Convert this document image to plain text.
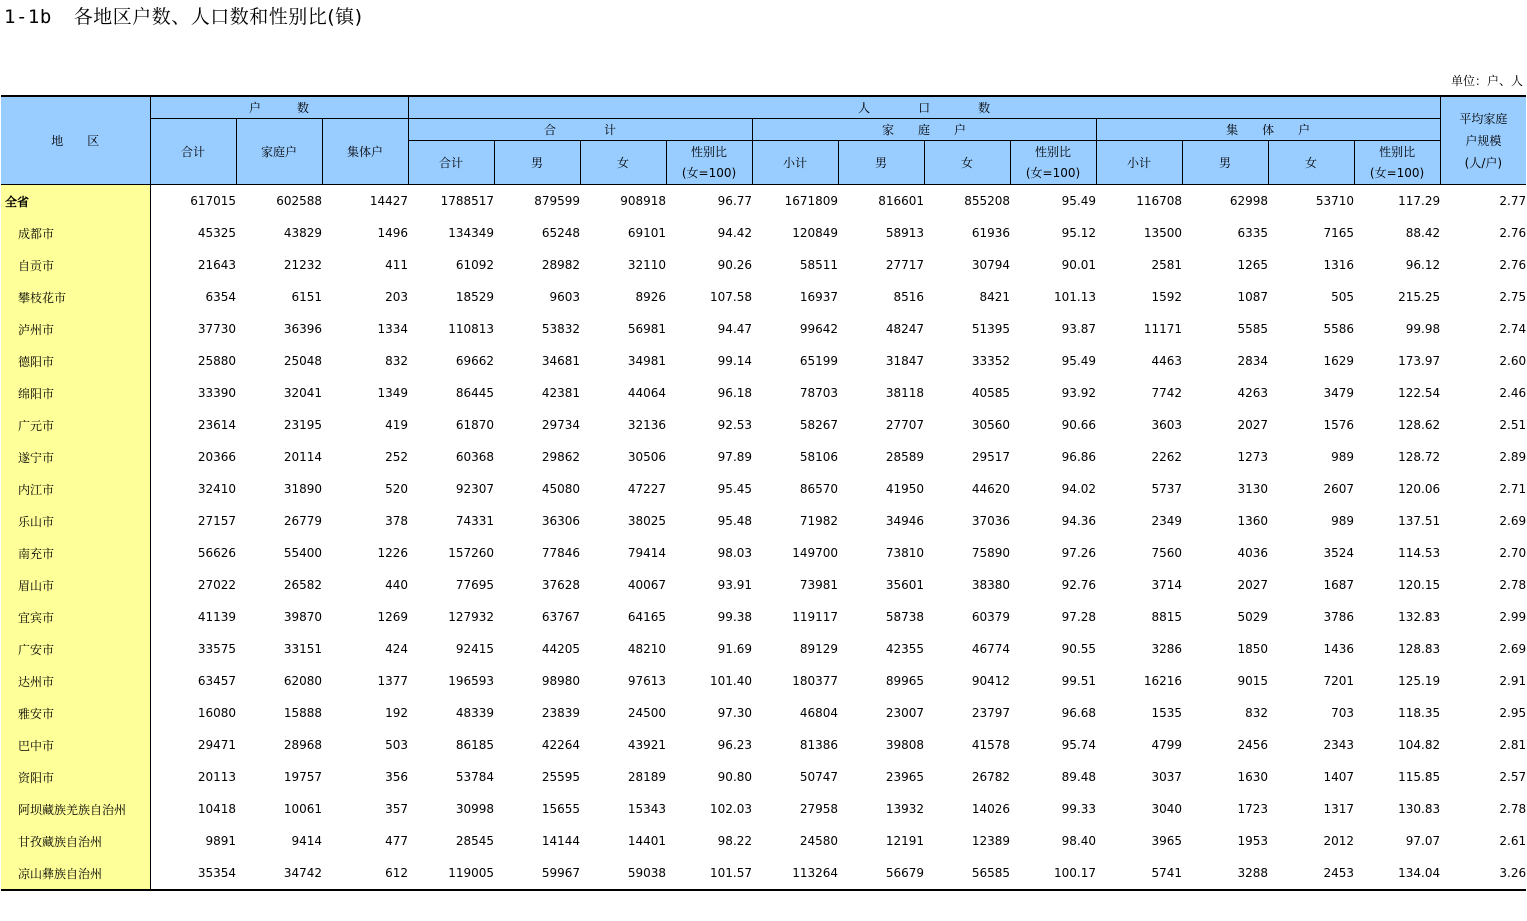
1-1b 各地区户数、人口数和性别比(镇)
单位：户、人
地　　区	户　　　数			人　　　　口　　　　数												平均家庭
户规模
(人/户)

	合计	家庭户	集体户	合　　　　计				家　　庭　　户				集　　体　　户				
				合计	男	女	性别比
(女=100)	小计	男	女	性别比
(女=100)	小计	男	女	性别比
(女=100)	

全省	617015	602588	14427	1788517	879599	908918	96.77	1671809	816601	855208	95.49	116708	62998	53710	117.29	2.77
成都市	45325	43829	1496	134349	65248	69101	94.42	120849	58913	61936	95.12	13500	6335	7165	88.42	2.76
自贡市	21643	21232	411	61092	28982	32110	90.26	58511	27717	30794	90.01	2581	1265	1316	96.12	2.76
攀枝花市	6354	6151	203	18529	9603	8926	107.58	16937	8516	8421	101.13	1592	1087	505	215.25	2.75
泸州市	37730	36396	1334	110813	53832	56981	94.47	99642	48247	51395	93.87	11171	5585	5586	99.98	2.74
德阳市	25880	25048	832	69662	34681	34981	99.14	65199	31847	33352	95.49	4463	2834	1629	173.97	2.60
绵阳市	33390	32041	1349	86445	42381	44064	96.18	78703	38118	40585	93.92	7742	4263	3479	122.54	2.46
广元市	23614	23195	419	61870	29734	32136	92.53	58267	27707	30560	90.66	3603	2027	1576	128.62	2.51
遂宁市	20366	20114	252	60368	29862	30506	97.89	58106	28589	29517	96.86	2262	1273	989	128.72	2.89
内江市	32410	31890	520	92307	45080	47227	95.45	86570	41950	44620	94.02	5737	3130	2607	120.06	2.71
乐山市	27157	26779	378	74331	36306	38025	95.48	71982	34946	37036	94.36	2349	1360	989	137.51	2.69
南充市	56626	55400	1226	157260	77846	79414	98.03	149700	73810	75890	97.26	7560	4036	3524	114.53	2.70
眉山市	27022	26582	440	77695	37628	40067	93.91	73981	35601	38380	92.76	3714	2027	1687	120.15	2.78
宜宾市	41139	39870	1269	127932	63767	64165	99.38	119117	58738	60379	97.28	8815	5029	3786	132.83	2.99
广安市	33575	33151	424	92415	44205	48210	91.69	89129	42355	46774	90.55	3286	1850	1436	128.83	2.69
达州市	63457	62080	1377	196593	98980	97613	101.40	180377	89965	90412	99.51	16216	9015	7201	125.19	2.91
雅安市	16080	15888	192	48339	23839	24500	97.30	46804	23007	23797	96.68	1535	832	703	118.35	2.95
巴中市	29471	28968	503	86185	42264	43921	96.23	81386	39808	41578	95.74	4799	2456	2343	104.82	2.81
资阳市	20113	19757	356	53784	25595	28189	90.80	50747	23965	26782	89.48	3037	1630	1407	115.85	2.57
阿坝藏族羌族自治州	10418	10061	357	30998	15655	15343	102.03	27958	13932	14026	99.33	3040	1723	1317	130.83	2.78
甘孜藏族自治州	9891	9414	477	28545	14144	14401	98.22	24580	12191	12389	98.40	3965	1953	2012	97.07	2.61
凉山彝族自治州	35354	34742	612	119005	59967	59038	101.57	113264	56679	56585	100.17	5741	3288	2453	134.04	3.26
